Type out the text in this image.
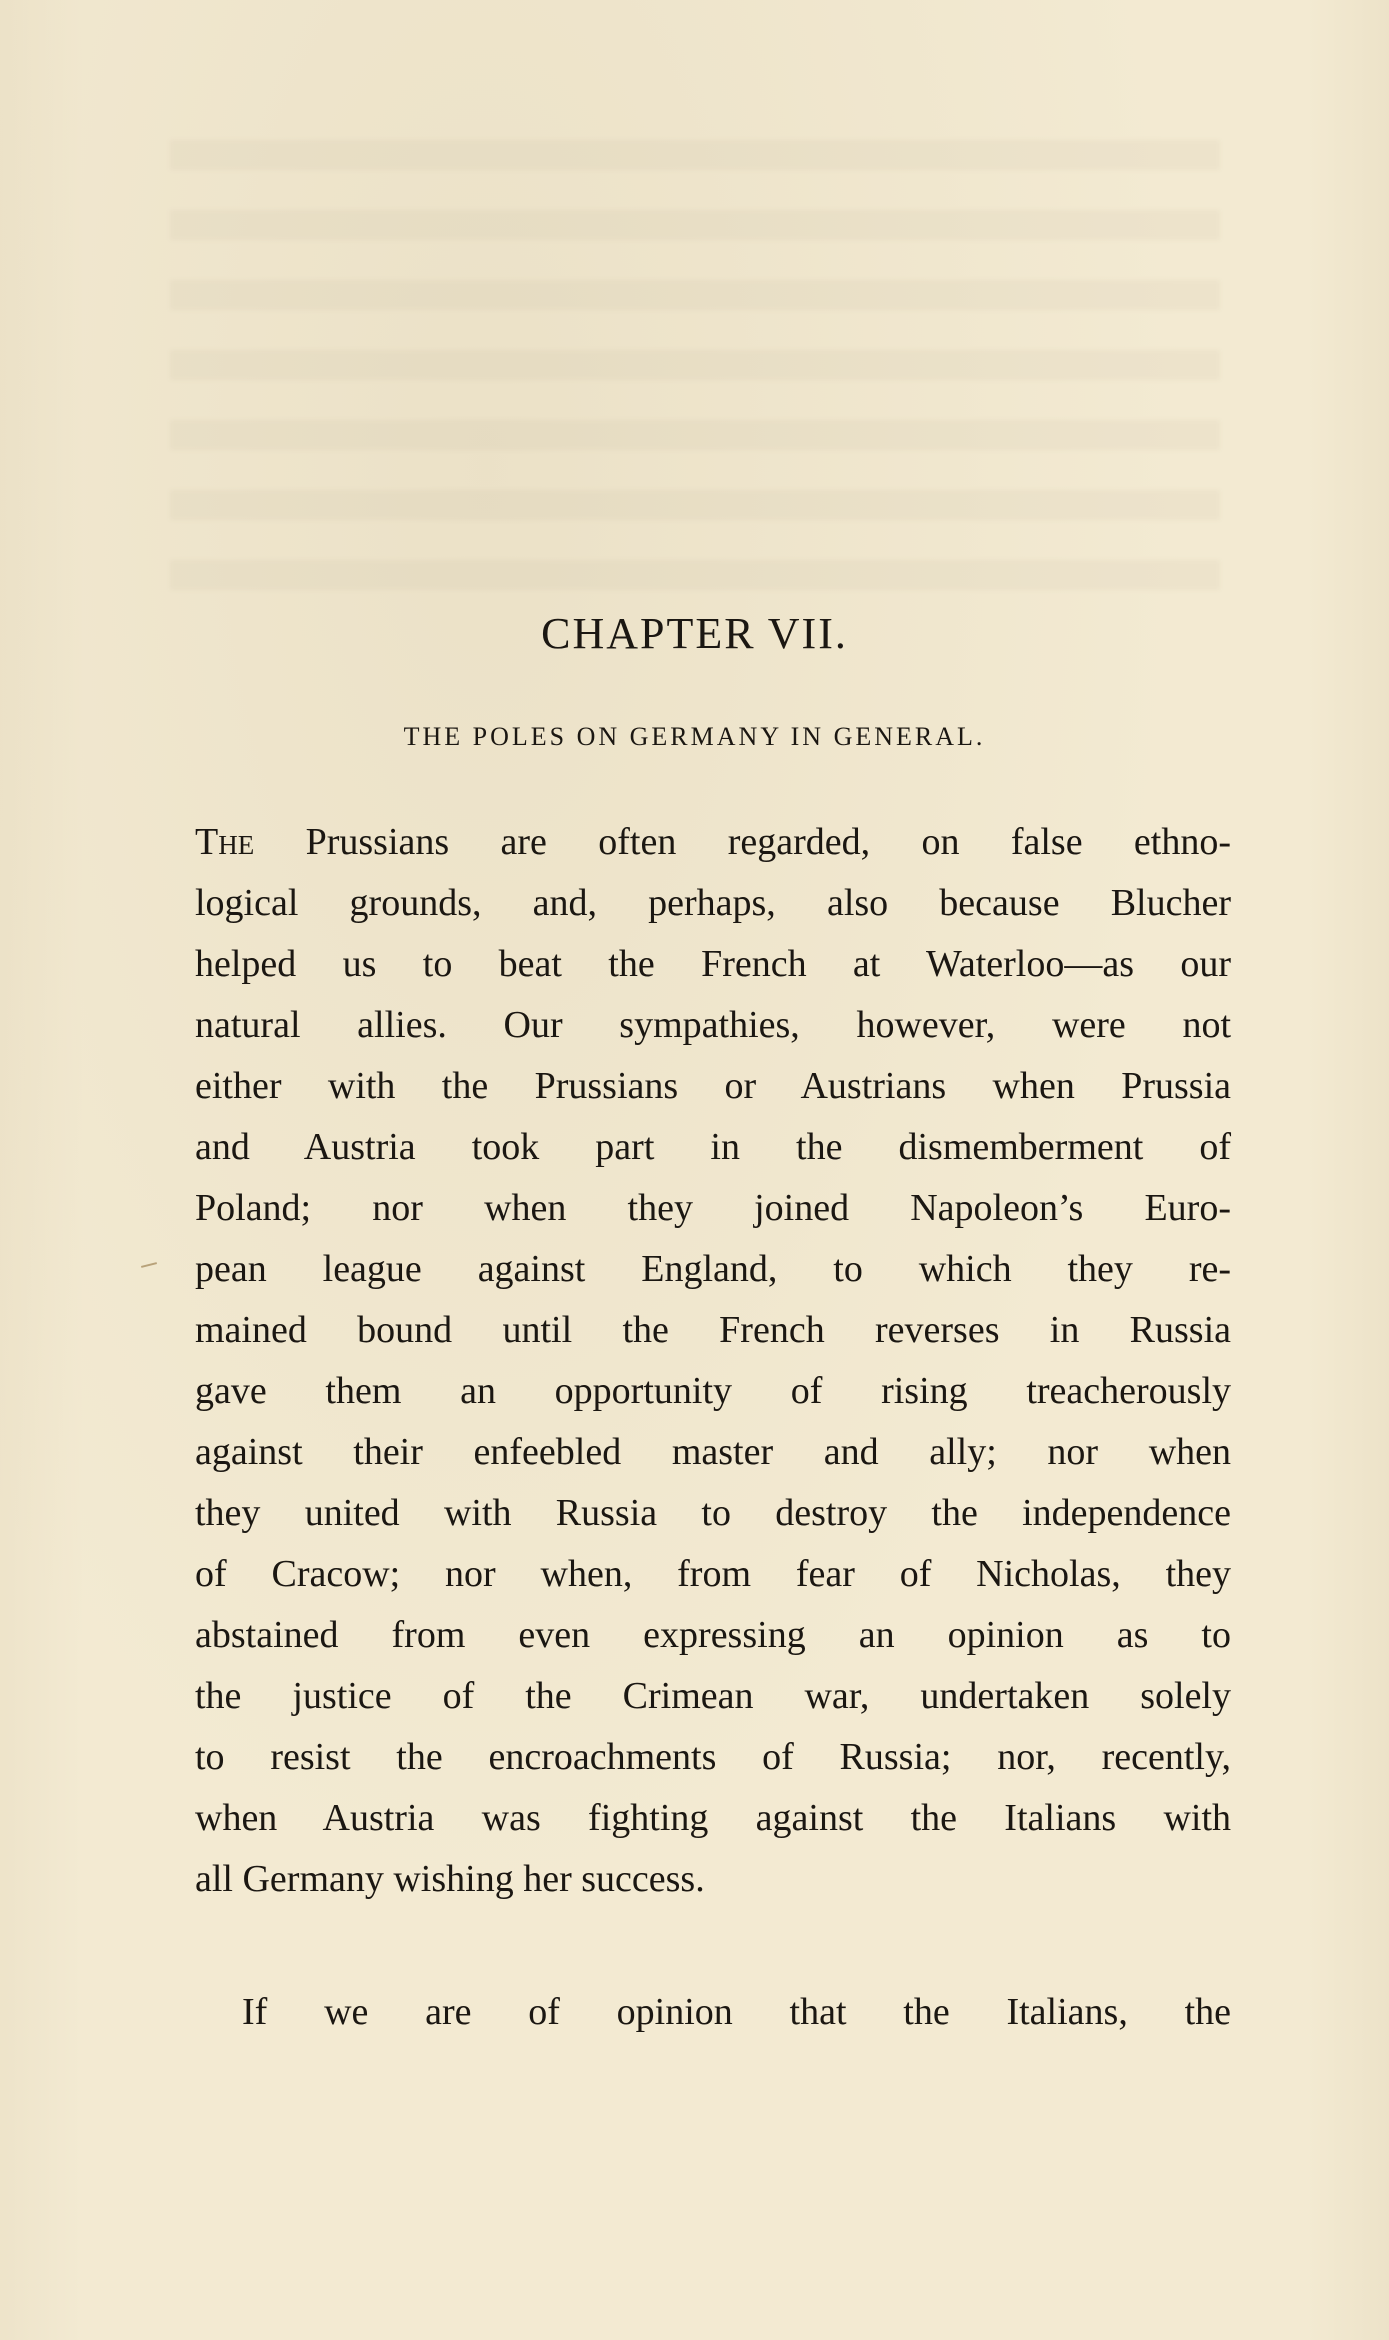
CHAPTER VII.
THE POLES ON GERMANY IN GENERAL.
The Prussians are often regarded, on false ethno-
logical grounds, and, perhaps, also because Blucher
helped us to beat the French at Waterloo—as our
natural allies. Our sympathies, however, were not
either with the Prussians or Austrians when Prussia
and Austria took part in the dismemberment of
Poland; nor when they joined Napoleon’s Euro-
pean league against England, to which they re-
mained bound until the French reverses in Russia
gave them an opportunity of rising treacherously
against their enfeebled master and ally; nor when
they united with Russia to destroy the independence
of Cracow; nor when, from fear of Nicholas, they
abstained from even expressing an opinion as to
the justice of the Crimean war, undertaken solely
to resist the encroachments of Russia; nor, recently,
when Austria was fighting against the Italians with
all Germany wishing her success.
If we are of opinion that the Italians, the
